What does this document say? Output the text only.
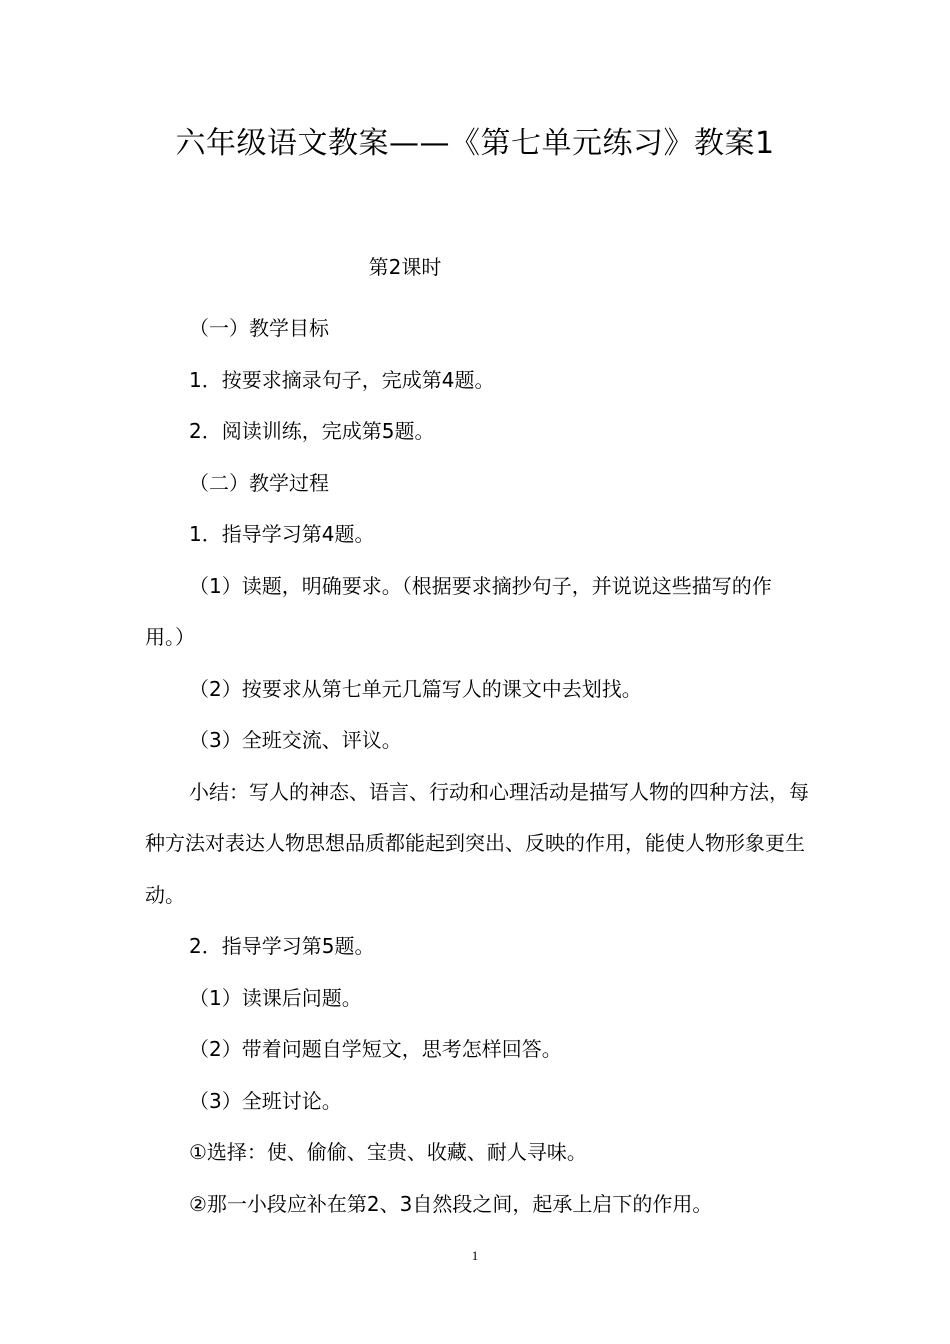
六年级语文教案——《第七单元练习》教案1
第2课时

（一）教学目标

1．按要求摘录句子，完成第4题。

2．阅读训练，完成第5题。

（二）教学过程

1．指导学习第4题。

（1）读题，明确要求。（根据要求摘抄句子，并说说这些描写的作用。）

（2）按要求从第七单元几篇写人的课文中去划找。

（3）全班交流、评议。

小结：写人的神态、语言、行动和心理活动是描写人物的四种方法，每种方法对表达人物思想品质都能起到突出、反映的作用，能使人物形象更生动。

2．指导学习第5题。

（1）读课后问题。

（2）带着问题自学短文，思考怎样回答。

（3）全班讨论。

①选择：使、偷偷、宝贵、收藏、耐人寻味。

②那一小段应补在第2、3自然段之间，起承上启下的作用。

1
